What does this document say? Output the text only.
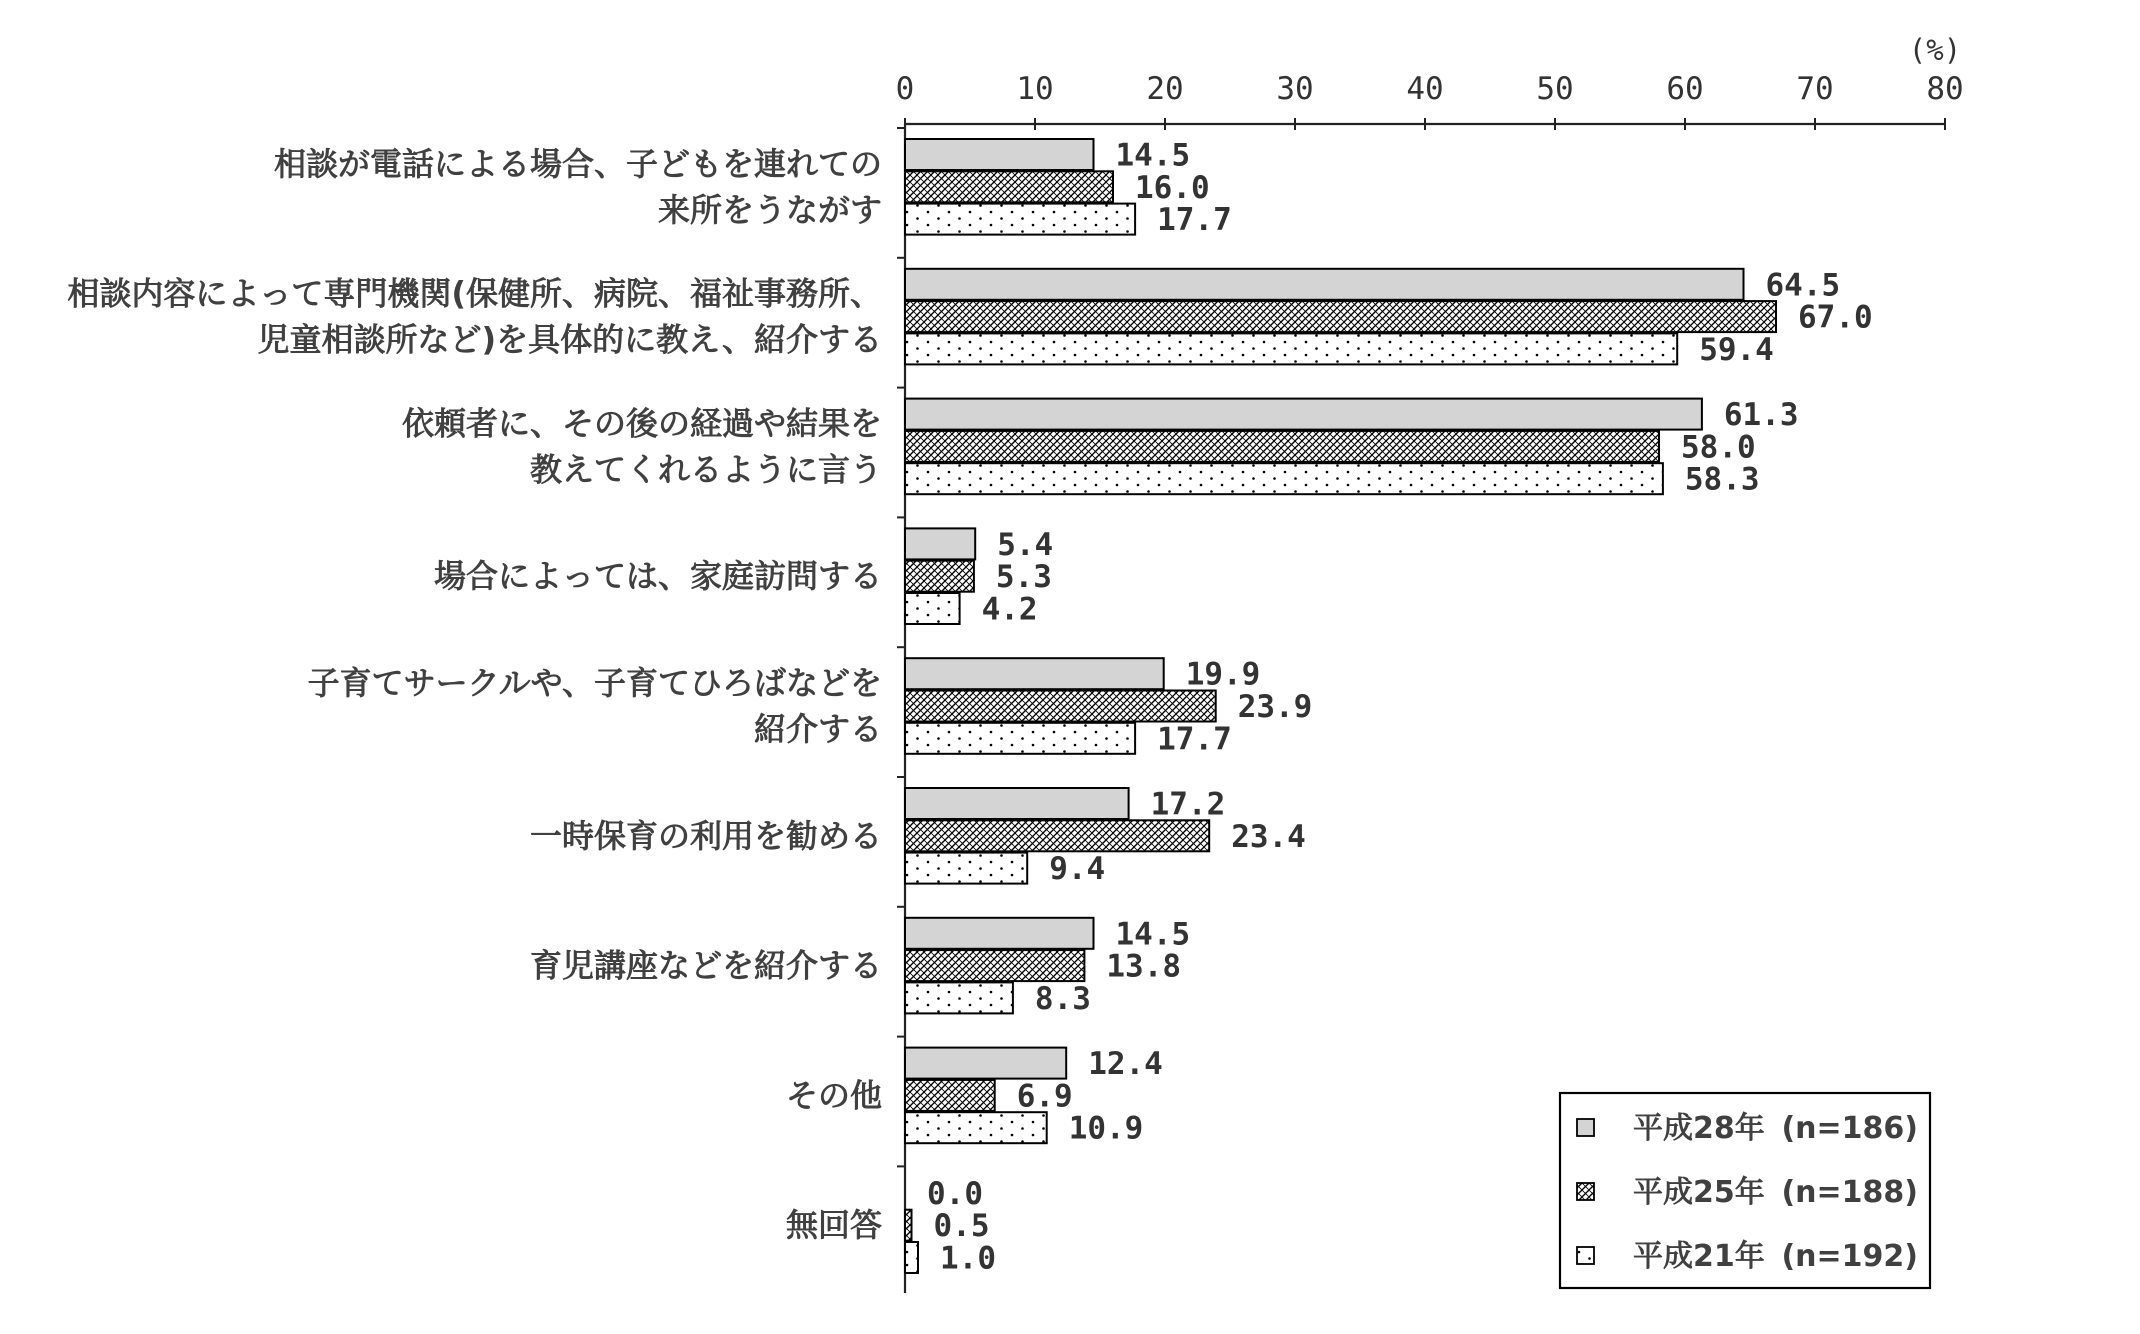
0	10	20	30	40	50	60	70	80
(%)
相談が電話による場合、子どもを連れての
来所をうながす
相談内容によって専門機関(保健所、病院、福祉事務所、
児童相談所など)を具体的に教え、紹介する
依頼者に、その後の経過や結果を
教えてくれるように言う
場合によっては、家庭訪問する
子育てサークルや、子育てひろばなどを
紹介する
一時保育の利用を勧める
育児講座などを紹介する
その他
無回答
14.5
16.0
17.7
64.5
67.0
59.4
61.3
58.0
58.3
5.4
5.3
4.2
19.9
23.9
17.7
17.2
23.4
9.4
14.5
13.8
8.3
12.4
6.9
10.9
0.0
0.5
1.0
平成28年 (n=186)
平成25年 (n=188)
平成21年 (n=192)
